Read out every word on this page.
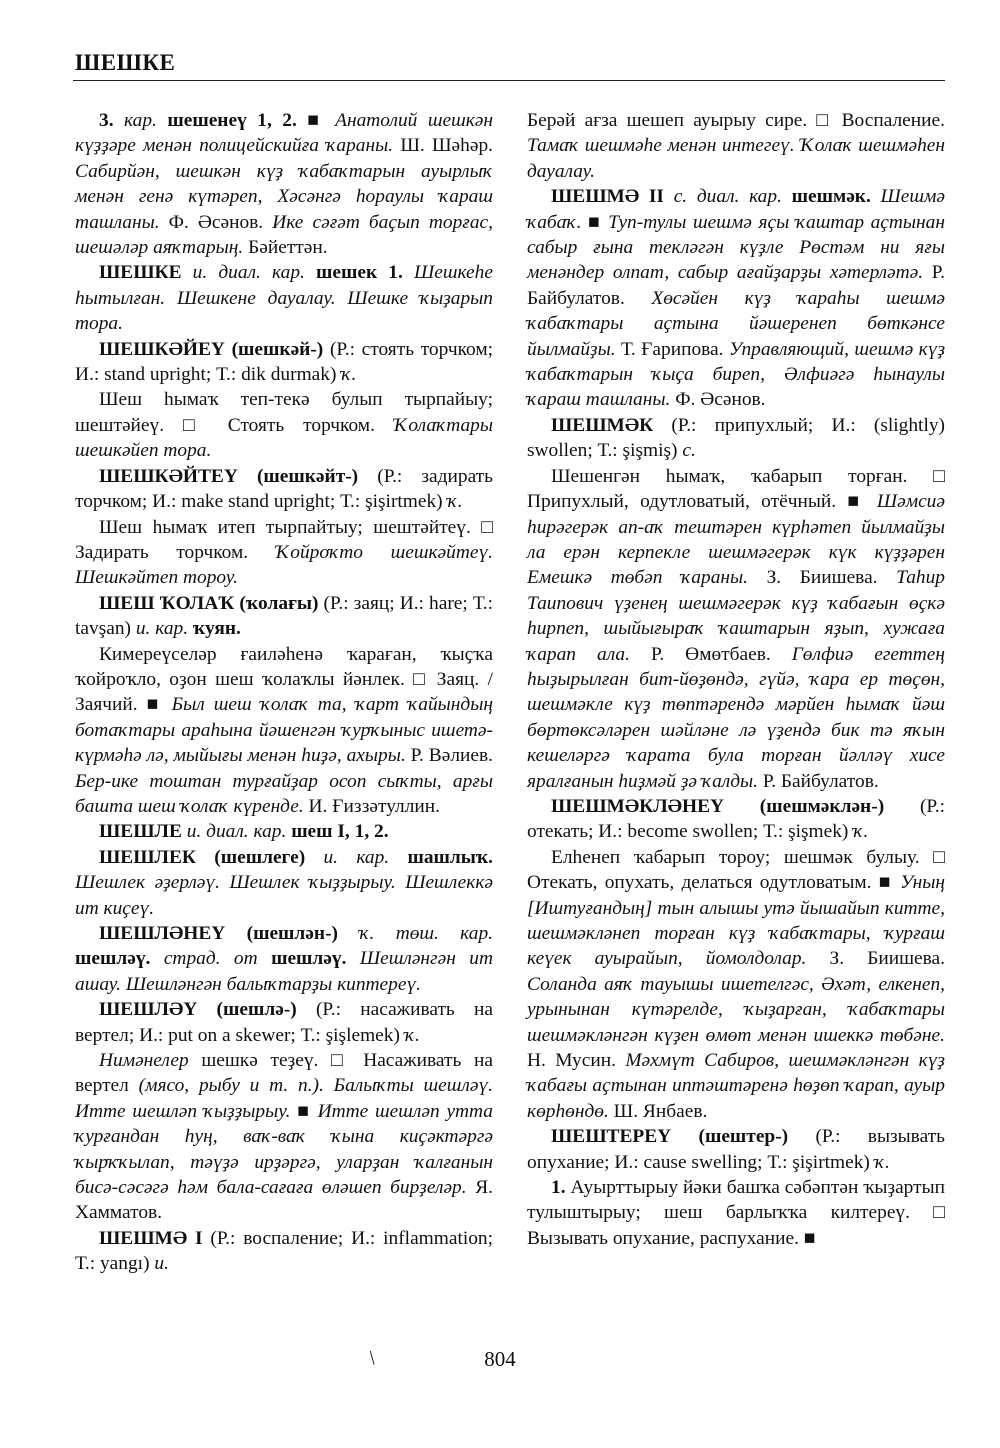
ШЕШКЕ

3. кар. шешенеү 1, 2. ■ Анатолий шешкән күҙҙәре менән полицейскийға ҡараны. Ш. Шәһәр. Сабирйән, шешкән күҙ ҡабаҡтарын ауырлыҡ менән генә күтәреп, Хәсәнгә һораулы ҡараш ташланы. Ф. Әсәнов. Ике сәғәт баҫып торғас, шешәләр аяҡтарың. Бәйеттән.

ШЕШКЕ и. диал. кар. шешек 1. Шешкеһе һытылған. Шешкене дауалау. Шешке ҡыҙарып тора.

ШЕШКӘЙЕҮ (шешкәй-) (Р.: стоять торчком; И.: stand upright; Т.: dik durmak) ҡ.

Шеш һымаҡ теп-текә булып тырпайыу; шештәйеү. □ Стоять торчком. Ҡолаҡтары шешкәйеп тора.

ШЕШКӘЙТЕҮ (шешкәйт-) (Р.: задирать торчком; И.: make stand upright; Т.: şişirtmek) ҡ.

Шеш һымаҡ итеп тырпайтыу; шештәйтеү. □ Задирать торчком. Ҡойроҡто шешкәйтеү. Шешкәйтеп тороу.

ШЕШ ҠОЛАҠ (ҡолағы) (Р.: заяц; И.: hare; Т.: tavşan) и. кар. ҡуян.

Кимереүселәр ғаиләһенә ҡараған, ҡыҫҡа ҡойроҡло, оҙон шеш ҡолаҡлы йәнлек. □ Заяц. / Заячий. ■ Был шеш ҡолаҡ та, ҡарт ҡайындың ботаҡтары араһына йәшенгән ҡурҡыныс ишетә-күрмәһә лә, мыйығы менән һиҙә, ахыры. Р. Вәлиев. Бер-ике тоштан турғайҙар осоп сыҡты, арғы башта шеш ҡолаҡ күренде. И. Ғиззәтуллин.

ШЕШЛЕ и. диал. кар. шеш I, 1, 2.

ШЕШЛЕК (шешлеге) и. кар. шашлыҡ. Шешлек әҙерләү. Шешлек ҡыҙҙырыу. Шешлеккә ит киҫеү.

ШЕШЛӘНЕҮ (шешлән-) ҡ. төш. кар. шешләү. страд. от шешләү. Шешләнгән ит ашау. Шешләнгән балыҡтарҙы киптереү.

ШЕШЛӘҮ (шешлә-) (Р.: насаживать на вертел; И.: put on a skewer; Т.: şişlemek) ҡ.

Нимәнелер шешкә теҙеү. □ Насаживать на вертел (мясо, рыбу и т. п.). Балыҡты шешләү. Итте шешләп ҡыҙҙырыу. ■ Итте шешләп утта ҡурғандан һуң, ваҡ-ваҡ ҡына киҫәктәргә ҡырҡҡылап, тәүҙә ирҙәргә, уларҙан ҡалғанын бисә-сәсәгә һәм бала-сағаға өләшеп бирҙеләр. Я. Хамматов.

ШЕШМӘ I (Р.: воспаление; И.: inflammation; Т.: yangı) и.

Берәй ағза шешеп ауырыу сире. □ Воспаление. Тамаҡ шешмәһе менән интегеү. Ҡолаҡ шешмәһен дауалау.

ШЕШМӘ II с. диал. кар. шешмәк. Шешмә ҡабаҡ. ■ Туп-тулы шешмә яҫы ҡаштар аҫтынан сабыр ғына текләгән күҙле Рөстәм ни яғы менәндер олпат, сабыр ағайҙарҙы хәтерләтә. Р. Байбулатов. Хөсәйен күҙ ҡараһы шешмә ҡабаҡтары аҫтына йәшеренеп бөткәнсе йылмайҙы. Т. Ғарипова. Управляющий, шешмә күҙ ҡабаҡтарын ҡыҫа биреп, Әлфиәгә һынаулы ҡараш ташланы. Ф. Әсәнов.

ШЕШМӘК (Р.: припухлый; И.: (slightly) swollen; Т.: şişmiş) с.

Шешенгән һымаҡ, ҡабарып торған. □ Припухлый, одутловатый, отёчный. ■ Шәмсиә һирәгерәк ап-аҡ тештәрен күрһәтеп йылмайҙы ла ерән керпекле шешмәгерәк күк күҙҙәрен Емешкә төбәп ҡараны. З. Биишева. Таһир Таипович үҙенең шешмәгерәк күҙ ҡабағын өҫкә һирпеп, шыйығыраҡ ҡаштарын яҙып, хужаға ҡарап ала. Р. Өмөтбаев. Гөлфиә егеттең һыҙырылған бит-йөҙөндә, гүйә, ҡара ер төҫөн, шешмәкле күҙ төптәрендә мәрйен һымаҡ йәш бөртөксәләрен шәйләне лә үҙендә бик тә яҡын кешеләргә ҡарата була торған йәлләү хисе яралғанын һиҙмәй ҙә ҡалды. Р. Байбулатов.

ШЕШМӘКЛӘНЕҮ (шешмәклән-) (Р.: отекать; И.: become swollen; Т.: şişmek) ҡ.

Елһенеп ҡабарып тороу; шешмәк булыу. □ Отекать, опухать, делаться одутловатым. ■ Уның [Иштуғандың] тын алышы утә йышайып китте, шешмәкләнеп торған күҙ ҡабаҡтары, ҡурғаш кеүек ауырайып, йомолдолар. З. Биишева. Соланда аяҡ тауышы ишетелгәс, Әхәт, елкенеп, урынынан күтәрелде, ҡыҙарған, ҡабаҡтары шешмәкләнгән күҙен өмөт менән ишеккә төбәне. Н. Мусин. Мәхмүт Сабиров, шешмәкләнгән күҙ ҡабағы аҫтынан иптәштәренә һөҙөп ҡарап, ауыр көрһөндө. Ш. Янбаев.

ШЕШТЕРЕҮ (шештер-) (Р.: вызывать опухание; И.: cause swelling; Т.: şişirtmek) ҡ.

1. Ауырттырыу йәки башҡа сәбәптән ҡыҙартып тулыштырыу; шеш барлыҡҡа килтереү. □ Вызывать опухание, распухание. ■

/	804
